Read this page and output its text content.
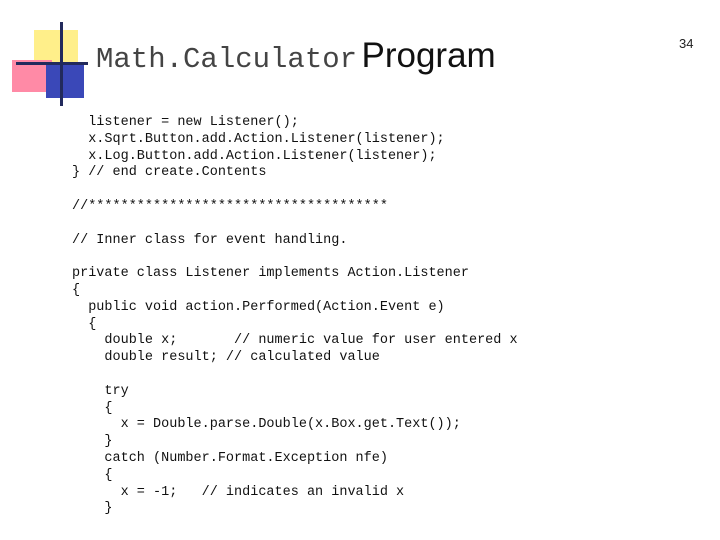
Math.Calculator Program	34
listener = new Listener();
x.Sqrt.Button.add.Action.Listener(listener);
x.Log.Button.add.Action.Listener(listener);
} // end create.Contents
//*************************************
// Inner class for event handling.
private class Listener implements Action.Listener
{
public void action.Performed(Action.Event e)
{
double x;       // numeric value for user entered x
double result; // calculated value
try
{
x = Double.parse.Double(x.Box.get.Text());
}
catch (Number.Format.Exception nfe)
{
x = -1;   // indicates an invalid x
}
